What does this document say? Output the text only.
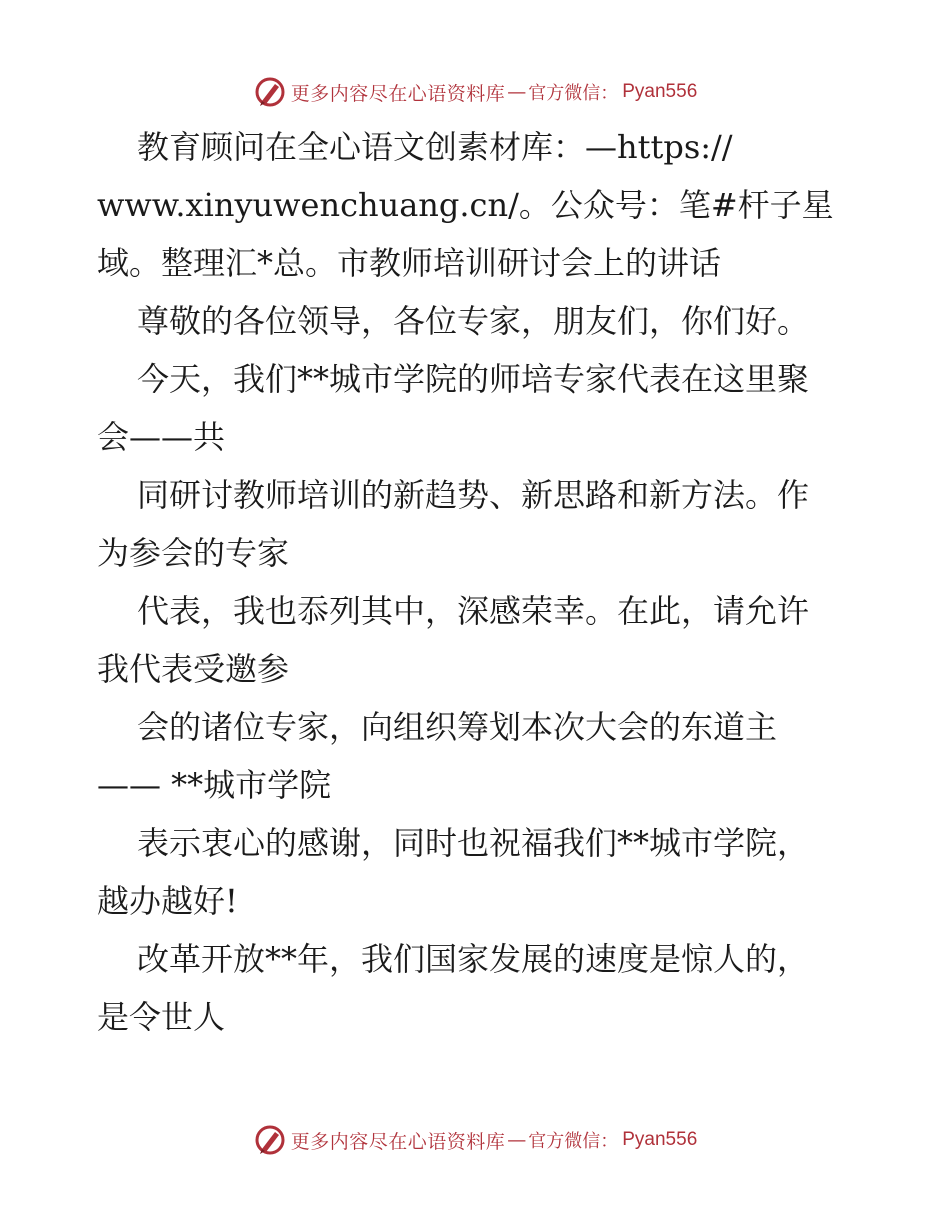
更多内容尽在心语资料库 — 官方微信： Pyan556

教育顾问在全心语文创素材库：—https://

www.xinyuwenchuang.cn/。公众号：笔#杆子星

域。整理汇*总。市教师培训研讨会上的讲话

尊敬的各位领导，各位专家，朋友们，你们好。

今天，我们**城市学院的师培专家代表在这里聚

会——共

同研讨教师培训的新趋势、新思路和新方法。作

为参会的专家

代表，我也忝列其中，深感荣幸。在此，请允许

我代表受邀参

会的诸位专家，向组织筹划本次大会的东道主

—— **城市学院

表示衷心的感谢，同时也祝福我们**城市学院，

越办越好!

改革开放**年，我们国家发展的速度是惊人的，

是令世人

更多内容尽在心语资料库 — 官方微信： Pyan556
